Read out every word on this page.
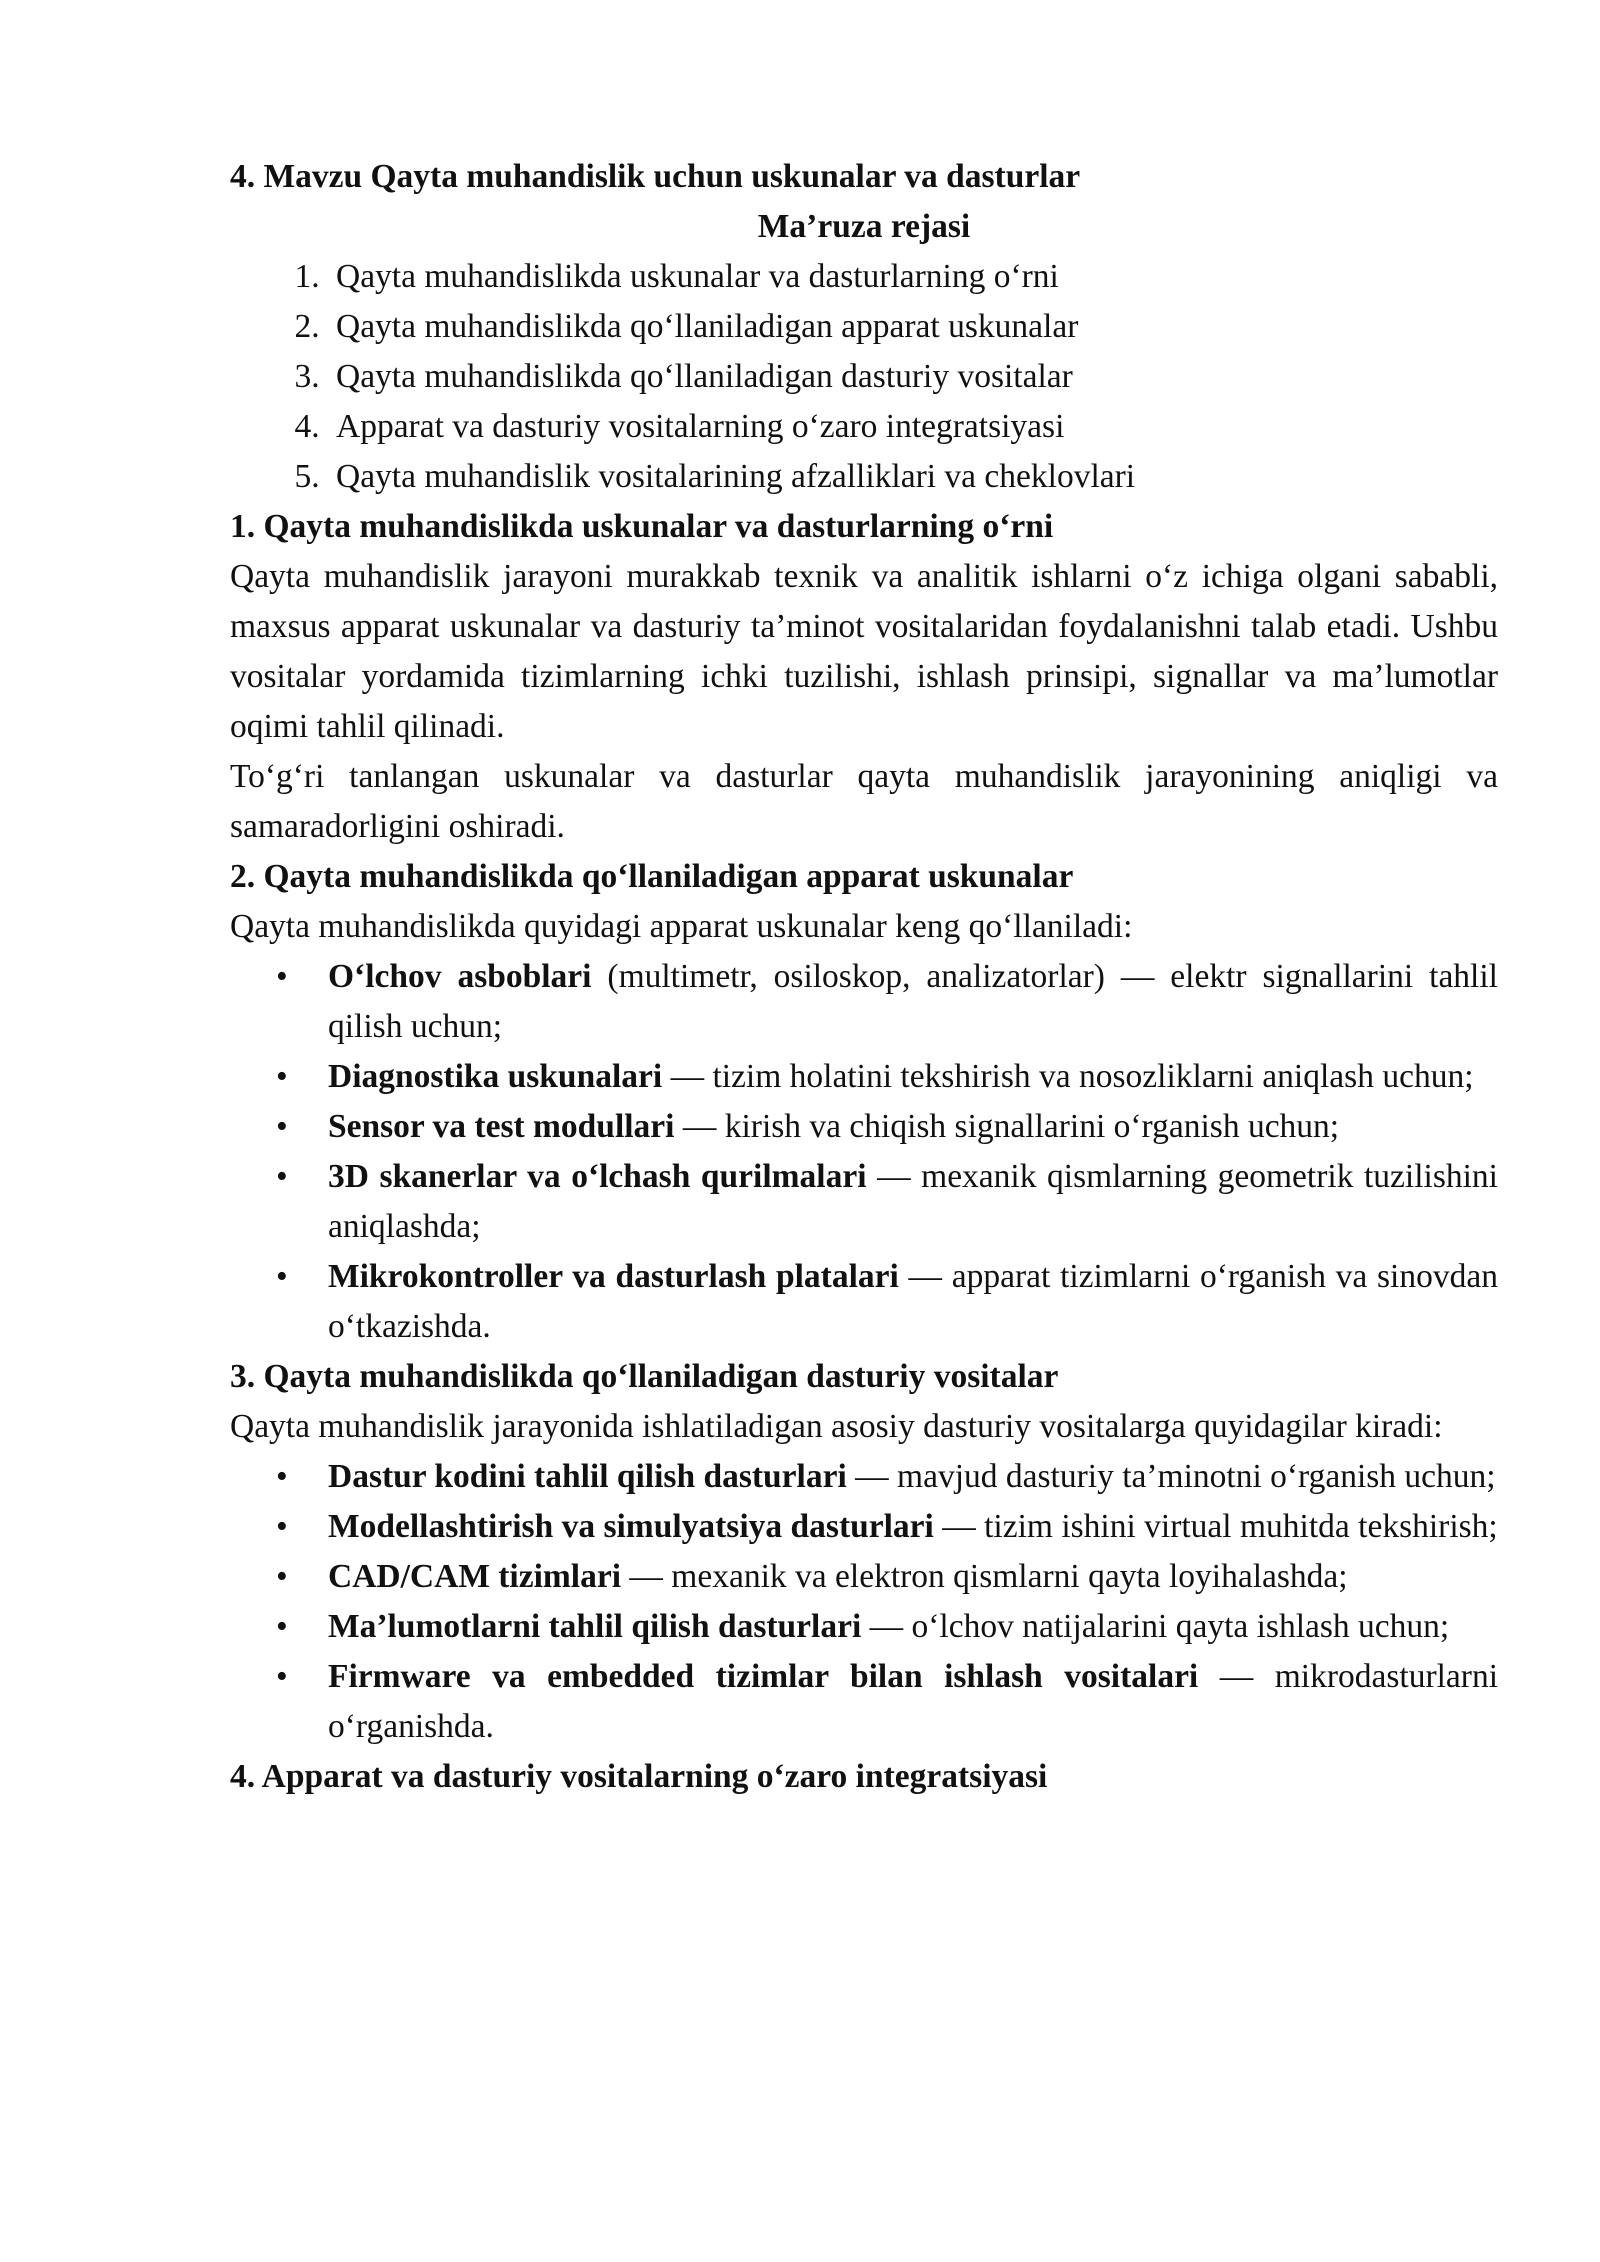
4. Mavzu Qayta muhandislik uchun uskunalar va dasturlar

Ma’ruza rejasi

1. Qayta muhandislikda uskunalar va dasturlarning o‘rni
2. Qayta muhandislikda qo‘llaniladigan apparat uskunalar
3. Qayta muhandislikda qo‘llaniladigan dasturiy vositalar
4. Apparat va dasturiy vositalarning o‘zaro integratsiyasi
5. Qayta muhandislik vositalarining afzalliklari va cheklovlari

1. Qayta muhandislikda uskunalar va dasturlarning o‘rni

Qayta muhandislik jarayoni murakkab texnik va analitik ishlarni o‘z ichiga olgani sababli, maxsus apparat uskunalar va dasturiy ta’minot vositalaridan foydalanishni talab etadi. Ushbu vositalar yordamida tizimlarning ichki tuzilishi, ishlash prinsipi, signallar va ma’lumotlar oqimi tahlil qilinadi.

To‘g‘ri tanlangan uskunalar va dasturlar qayta muhandislik jarayonining aniqligi va samaradorligini oshiradi.

2. Qayta muhandislikda qo‘llaniladigan apparat uskunalar

Qayta muhandislikda quyidagi apparat uskunalar keng qo‘llaniladi:

• O‘lchov asboblari (multimetr, osiloskop, analizatorlar) — elektr signallarini tahlil qilish uchun;
• Diagnostika uskunalari — tizim holatini tekshirish va nosozliklarni aniqlash uchun;
• Sensor va test modullari — kirish va chiqish signallarini o‘rganish uchun;
• 3D skanerlar va o‘lchash qurilmalari — mexanik qismlarning geometrik tuzilishini aniqlashda;
• Mikrokontroller va dasturlash platalari — apparat tizimlarni o‘rganish va sinovdan o‘tkazishda.

3. Qayta muhandislikda qo‘llaniladigan dasturiy vositalar

Qayta muhandislik jarayonida ishlatiladigan asosiy dasturiy vositalarga quyidagilar kiradi:

• Dastur kodini tahlil qilish dasturlari — mavjud dasturiy ta’minotni o‘rganish uchun;
• Modellashtirish va simulyatsiya dasturlari — tizim ishini virtual muhitda tekshirish;
• CAD/CAM tizimlari — mexanik va elektron qismlarni qayta loyihalashda;
• Ma’lumotlarni tahlil qilish dasturlari — o‘lchov natijalarini qayta ishlash uchun;
• Firmware va embedded tizimlar bilan ishlash vositalari — mikrodasturlarni o‘rganishda.

4. Apparat va dasturiy vositalarning o‘zaro integratsiyasi
